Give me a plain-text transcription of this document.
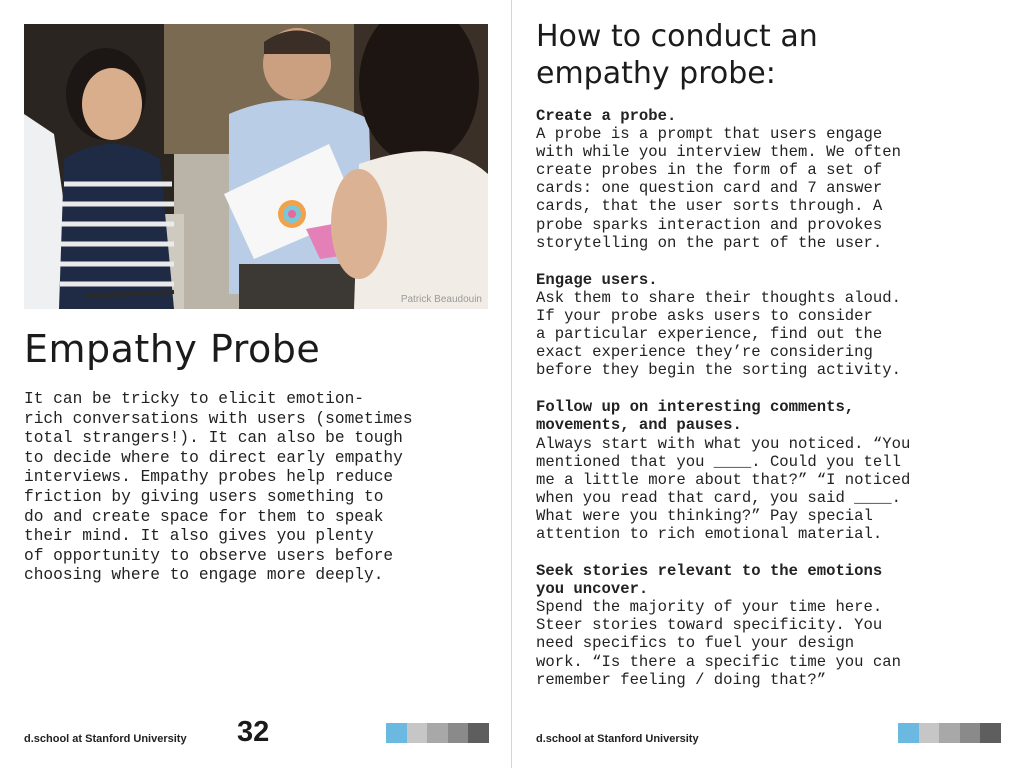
Patrick Beaudouin
Empathy Probe

It can be tricky to elicit emotion-
rich conversations with users (sometimes
total strangers!). It can also be tough
to decide where to direct early empathy
interviews. Empathy probes help reduce
friction by giving users something to
do and create space for them to speak
their mind. It also gives you plenty
of opportunity to observe users before
choosing where to engage more deeply.

d.school at Stanford University 32
How to conduct an
empathy probe:
Create a probe.
A probe is a prompt that users engage
with while you interview them. We often
create probes in the form of a set of
cards: one question card and 7 answer
cards, that the user sorts through. A
probe sparks interaction and provokes
storytelling on the part of the user.
Engage users.
Ask them to share their thoughts aloud.
If your probe asks users to consider
a particular experience, find out the
exact experience they’re considering
before they begin the sorting activity.
Follow up on interesting comments,
movements, and pauses.
Always start with what you noticed. “You
mentioned that you ____. Could you tell
me a little more about that?” “I noticed
when you read that card, you said ____.
What were you thinking?” Pay special
attention to rich emotional material.
Seek stories relevant to the emotions
you uncover.
Spend the majority of your time here.
Steer stories toward specificity. You
need specifics to fuel your design
work. “Is there a specific time you can
remember feeling / doing that?”
d.school at Stanford University
